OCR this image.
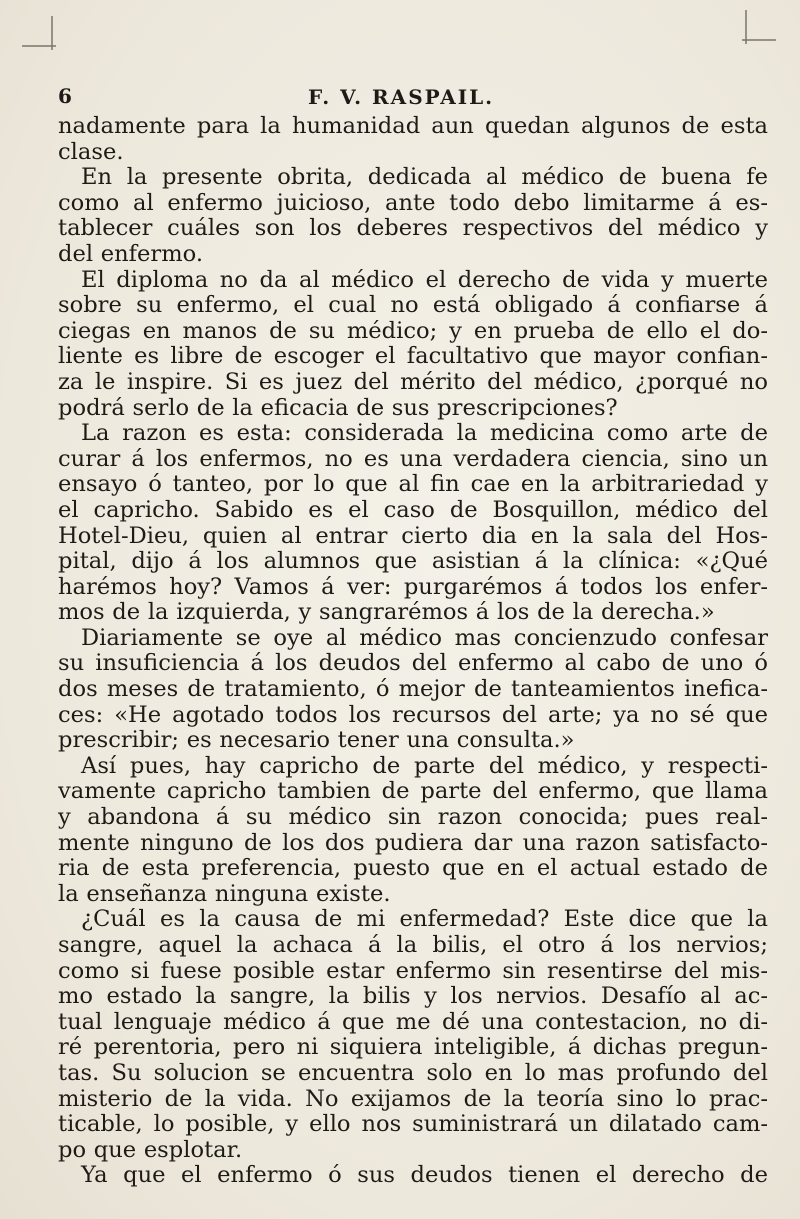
6	F. V. RASPAIL.
nadamente para la humanidad aun quedan algunos de esta
clase.
En la presente obrita, dedicada al médico de buena fe
como al enfermo juicioso, ante todo debo limitarme á es-
tablecer cuáles son los deberes respectivos del médico y
del enfermo.
El diploma no da al médico el derecho de vida y muerte
sobre su enfermo, el cual no está obligado á confiarse á
ciegas en manos de su médico; y en prueba de ello el do-
liente es libre de escoger el facultativo que mayor confian-
za le inspire. Si es juez del mérito del médico, ¿porqué no
podrá serlo de la eficacia de sus prescripciones?
La razon es esta: considerada la medicina como arte de
curar á los enfermos, no es una verdadera ciencia, sino un
ensayo ó tanteo, por lo que al fin cae en la arbitrariedad y
el capricho. Sabido es el caso de Bosquillon, médico del
Hotel-Dieu, quien al entrar cierto dia en la sala del Hos-
pital, dijo á los alumnos que asistian á la clínica: «¿Qué
harémos hoy? Vamos á ver: purgarémos á todos los enfer-
mos de la izquierda, y sangrarémos á los de la derecha.»
Diariamente se oye al médico mas concienzudo confesar
su insuficiencia á los deudos del enfermo al cabo de uno ó
dos meses de tratamiento, ó mejor de tanteamientos inefica-
ces: «He agotado todos los recursos del arte; ya no sé que
prescribir; es necesario tener una consulta.»
Así pues, hay capricho de parte del médico, y respecti-
vamente capricho tambien de parte del enfermo, que llama
y abandona á su médico sin razon conocida; pues real-
mente ninguno de los dos pudiera dar una razon satisfacto-
ria de esta preferencia, puesto que en el actual estado de
la enseñanza ninguna existe.
¿Cuál es la causa de mi enfermedad? Este dice que la
sangre, aquel la achaca á la bilis, el otro á los nervios;
como si fuese posible estar enfermo sin resentirse del mis-
mo estado la sangre, la bilis y los nervios. Desafío al ac-
tual lenguaje médico á que me dé una contestacion, no di-
ré perentoria, pero ni siquiera inteligible, á dichas pregun-
tas. Su solucion se encuentra solo en lo mas profundo del
misterio de la vida. No exijamos de la teoría sino lo prac-
ticable, lo posible, y ello nos suministrará un dilatado cam-
po que esplotar.
Ya que el enfermo ó sus deudos tienen el derecho de
